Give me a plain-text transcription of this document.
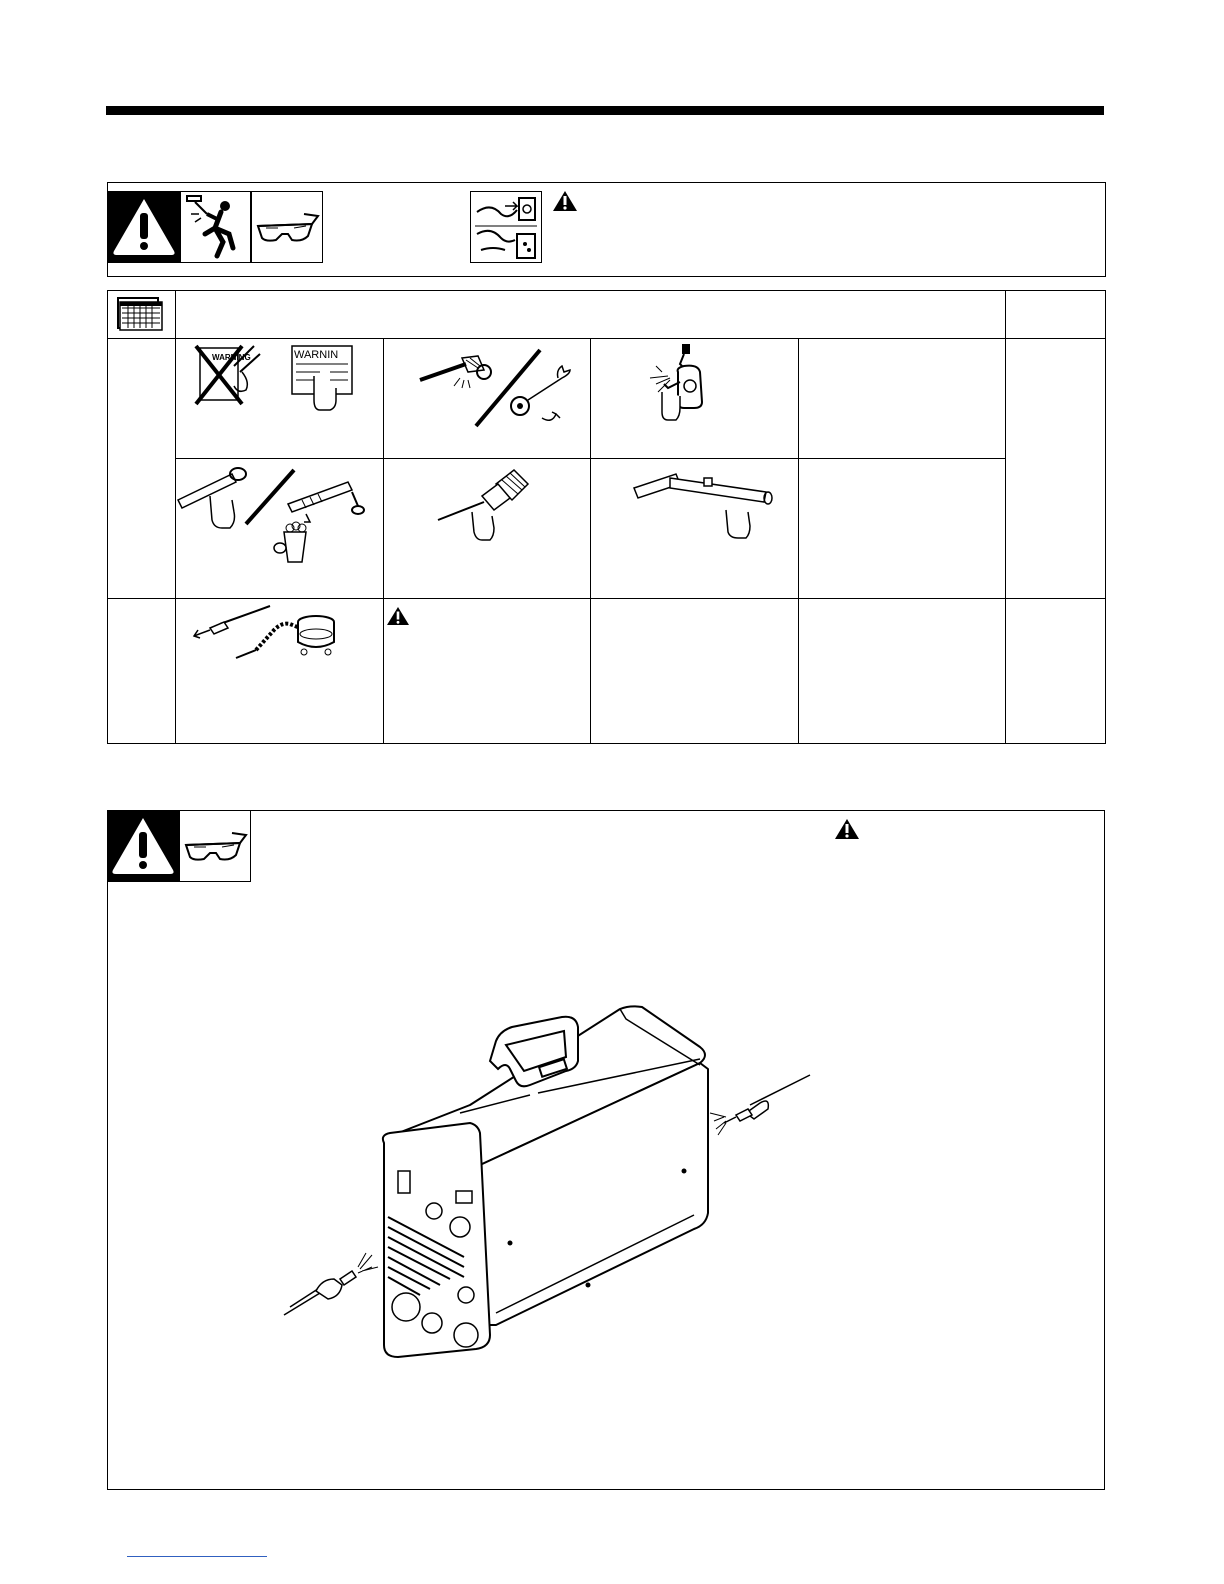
WARNING	WARNIN
